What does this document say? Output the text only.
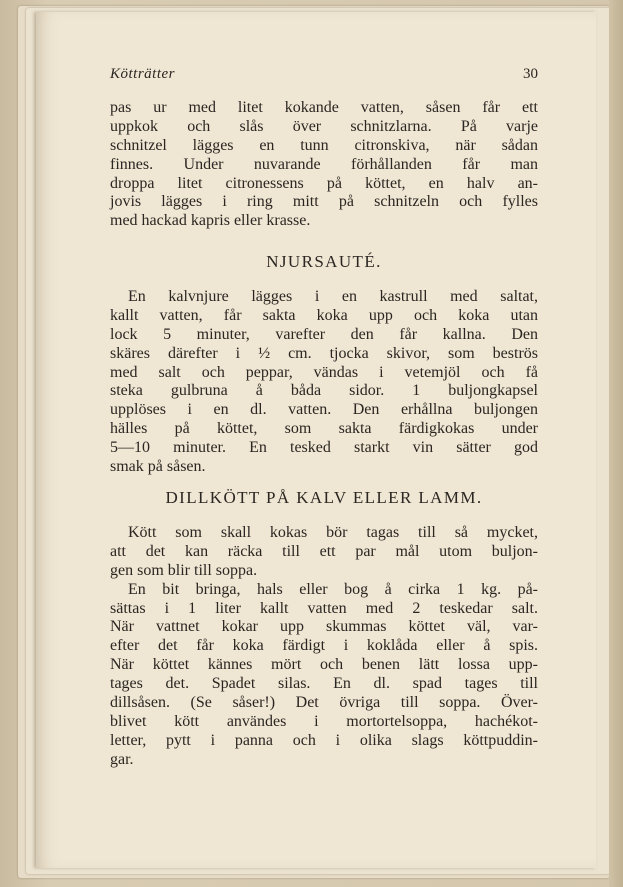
Kötträtter	30
pas ur med litet kokande vatten, såsen får ett
uppkok och slås över schnitzlarna. På varje
schnitzel lägges en tunn citronskiva, när sådan
finnes. Under nuvarande förhållanden får man
droppa litet citronessens på köttet, en halv an-
jovis lägges i ring mitt på schnitzeln och fylles
med hackad kapris eller krasse.
NJURSAUTÉ.
En kalvnjure lägges i en kastrull med saltat,
kallt vatten, får sakta koka upp och koka utan
lock 5 minuter, varefter den får kallna. Den
skäres därefter i ½ cm. tjocka skivor, som beströs
med salt och peppar, vändas i vetemjöl och få
steka gulbruna å båda sidor. 1 buljongkapsel
upplöses i en dl. vatten. Den erhållna buljongen
hälles på köttet, som sakta färdigkokas under
5—10 minuter. En tesked starkt vin sätter god
smak på såsen.
DILLKÖTT PÅ KALV ELLER LAMM.
Kött som skall kokas bör tagas till så mycket,
att det kan räcka till ett par mål utom buljon-
gen som blir till soppa.
En bit bringa, hals eller bog å cirka 1 kg. på-
sättas i 1 liter kallt vatten med 2 teskedar salt.
När vattnet kokar upp skummas köttet väl, var-
efter det får koka färdigt i koklåda eller å spis.
När köttet kännes mört och benen lätt lossa upp-
tages det. Spadet silas. En dl. spad tages till
dillsåsen. (Se såser!) Det övriga till soppa. Över-
blivet kött användes i mortortelsoppa, hachékot-
letter, pytt i panna och i olika slags köttpuddin-
gar.
